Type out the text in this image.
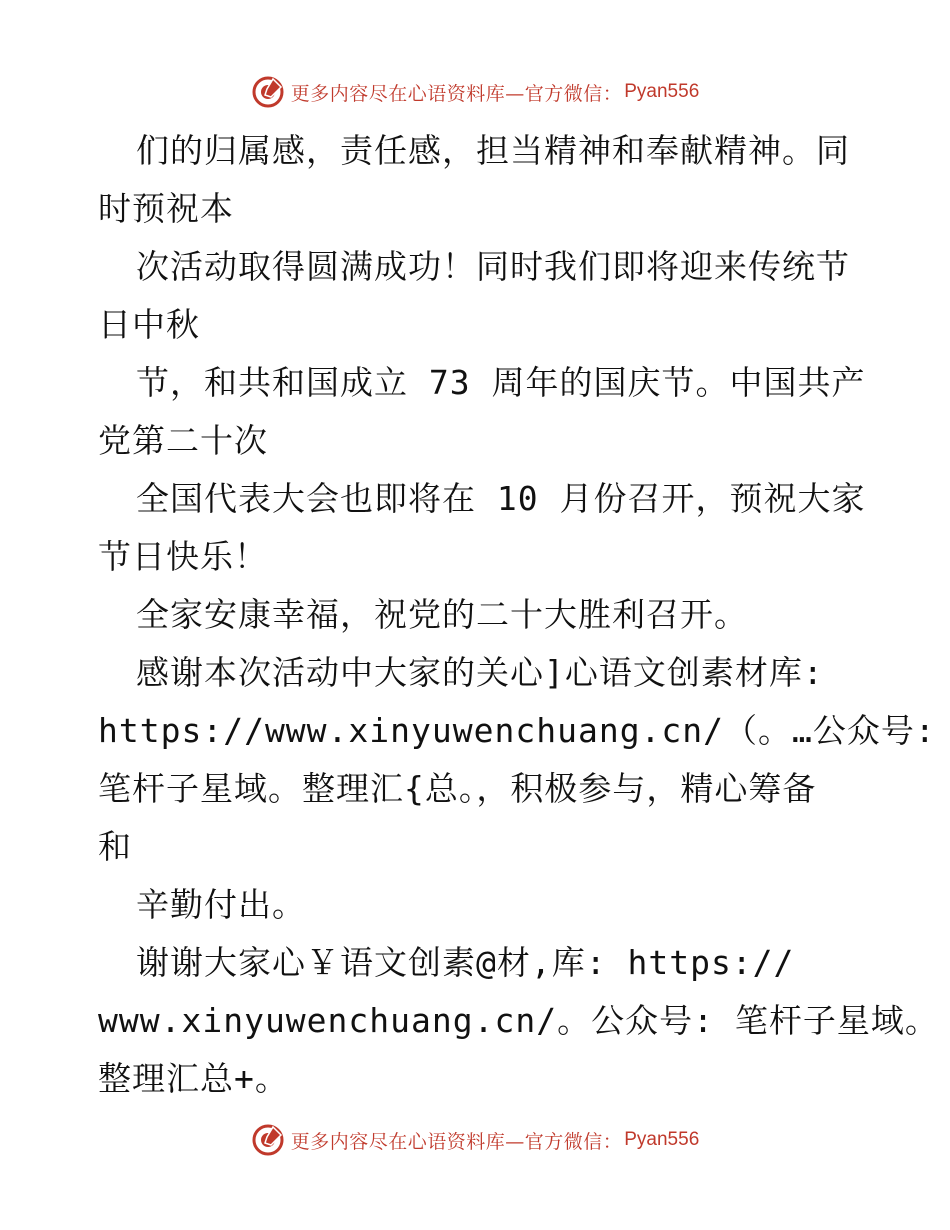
更多内容尽在心语资料库—官方微信： Pyan556
们的归属感，责任感，担当精神和奉献精神。同
时预祝本
次活动取得圆满成功！同时我们即将迎来传统节
日中秋
节，和共和国成立 73 周年的国庆节。中国共产
党第二十次
全国代表大会也即将在 10 月份召开，预祝大家
节日快乐！
全家安康幸福，祝党的二十大胜利召开。
感谢本次活动中大家的关心]心语文创素材库:
https://www.xinyuwenchuang.cn/（。…公众号:
笔杆子星域。整理汇{总。，积极参与，精心筹备
和
辛勤付出。
谢谢大家心￥语文创素@材,库: https://
www.xinyuwenchuang.cn/。公众号: 笔杆子星域。
整理汇总+。
更多内容尽在心语资料库—官方微信： Pyan556
